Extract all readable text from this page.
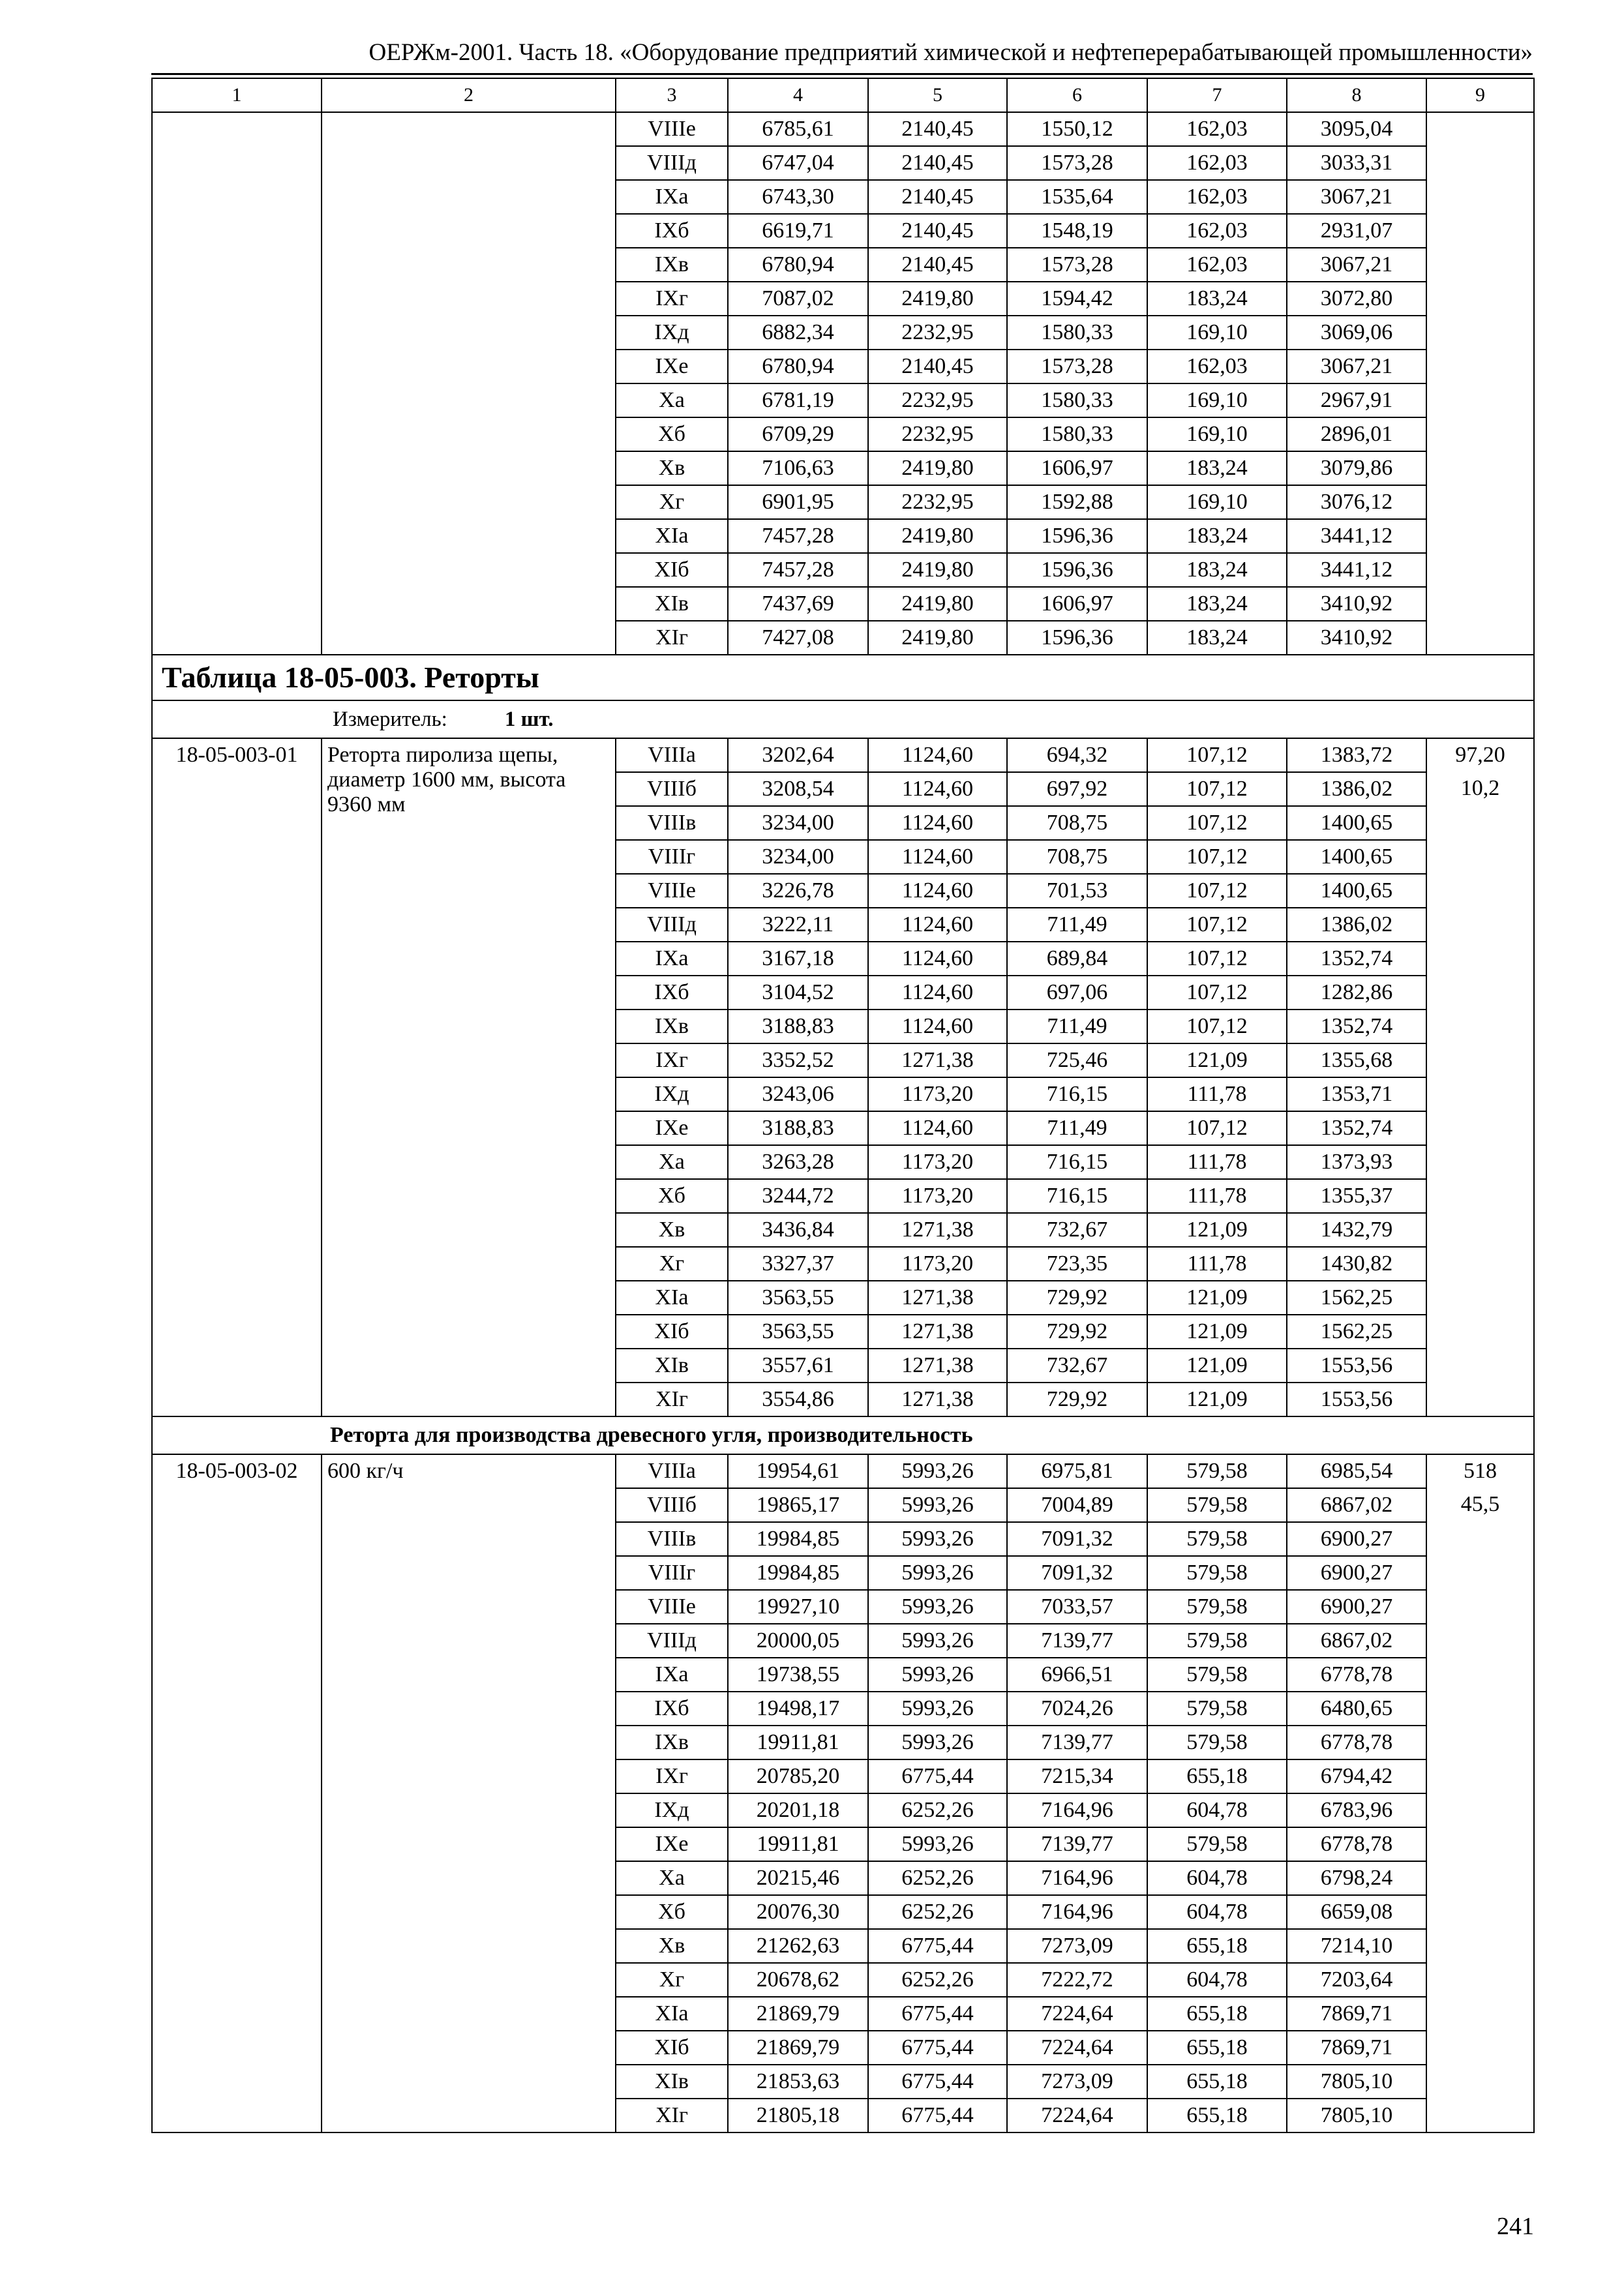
ОЕРЖм-2001. Часть 18. «Оборудование предприятий химической и нефтеперерабатывающей промышленности»
1	2	3	4	5	6	7	8	9
		VIIIе	6785,61	2140,45	1550,12	162,03	3095,04	
		VIIIд	6747,04	2140,45	1573,28	162,03	3033,31	
		IXа	6743,30	2140,45	1535,64	162,03	3067,21	
		IXб	6619,71	2140,45	1548,19	162,03	2931,07	
		IXв	6780,94	2140,45	1573,28	162,03	3067,21	
		IXг	7087,02	2419,80	1594,42	183,24	3072,80	
		IXд	6882,34	2232,95	1580,33	169,10	3069,06	
		IXе	6780,94	2140,45	1573,28	162,03	3067,21	
		Xа	6781,19	2232,95	1580,33	169,10	2967,91	
		Xб	6709,29	2232,95	1580,33	169,10	2896,01	
		Xв	7106,63	2419,80	1606,97	183,24	3079,86	
		Xг	6901,95	2232,95	1592,88	169,10	3076,12	
		XIа	7457,28	2419,80	1596,36	183,24	3441,12	
		XIб	7457,28	2419,80	1596,36	183,24	3441,12	
		XIв	7437,69	2419,80	1606,97	183,24	3410,92	
		XIг	7427,08	2419,80	1596,36	183,24	3410,92	
Таблица 18-05-003. Реторты								
Измеритель: 1 шт.								
18-05-003-01	Реторта пиролиза щепы, диаметр 1600 мм, высота 9360 мм	VIIIа	3202,64	1124,60	694,32	107,12	1383,72	97,20
		VIIIб	3208,54	1124,60	697,92	107,12	1386,02	10,2
		VIIIв	3234,00	1124,60	708,75	107,12	1400,65	
		VIIIг	3234,00	1124,60	708,75	107,12	1400,65	
		VIIIе	3226,78	1124,60	701,53	107,12	1400,65	
		VIIIд	3222,11	1124,60	711,49	107,12	1386,02	
		IXа	3167,18	1124,60	689,84	107,12	1352,74	
		IXб	3104,52	1124,60	697,06	107,12	1282,86	
		IXв	3188,83	1124,60	711,49	107,12	1352,74	
		IXг	3352,52	1271,38	725,46	121,09	1355,68	
		IXд	3243,06	1173,20	716,15	111,78	1353,71	
		IXе	3188,83	1124,60	711,49	107,12	1352,74	
		Xа	3263,28	1173,20	716,15	111,78	1373,93	
		Xб	3244,72	1173,20	716,15	111,78	1355,37	
		Xв	3436,84	1271,38	732,67	121,09	1432,79	
		Xг	3327,37	1173,20	723,35	111,78	1430,82	
		XIа	3563,55	1271,38	729,92	121,09	1562,25	
		XIб	3563,55	1271,38	729,92	121,09	1562,25	
		XIв	3557,61	1271,38	732,67	121,09	1553,56	
		XIг	3554,86	1271,38	729,92	121,09	1553,56	
Реторта для производства древесного угля, производительность								
18-05-003-02	600 кг/ч	VIIIа	19954,61	5993,26	6975,81	579,58	6985,54	518
		VIIIб	19865,17	5993,26	7004,89	579,58	6867,02	45,5
		VIIIв	19984,85	5993,26	7091,32	579,58	6900,27	
		VIIIг	19984,85	5993,26	7091,32	579,58	6900,27	
		VIIIе	19927,10	5993,26	7033,57	579,58	6900,27	
		VIIIд	20000,05	5993,26	7139,77	579,58	6867,02	
		IXа	19738,55	5993,26	6966,51	579,58	6778,78	
		IXб	19498,17	5993,26	7024,26	579,58	6480,65	
		IXв	19911,81	5993,26	7139,77	579,58	6778,78	
		IXг	20785,20	6775,44	7215,34	655,18	6794,42	
		IXд	20201,18	6252,26	7164,96	604,78	6783,96	
		IXе	19911,81	5993,26	7139,77	579,58	6778,78	
		Xа	20215,46	6252,26	7164,96	604,78	6798,24	
		Xб	20076,30	6252,26	7164,96	604,78	6659,08	
		Xв	21262,63	6775,44	7273,09	655,18	7214,10	
		Xг	20678,62	6252,26	7222,72	604,78	7203,64	
		XIа	21869,79	6775,44	7224,64	655,18	7869,71	
		XIб	21869,79	6775,44	7224,64	655,18	7869,71	
		XIв	21853,63	6775,44	7273,09	655,18	7805,10	
		XIг	21805,18	6775,44	7224,64	655,18	7805,10	
241
